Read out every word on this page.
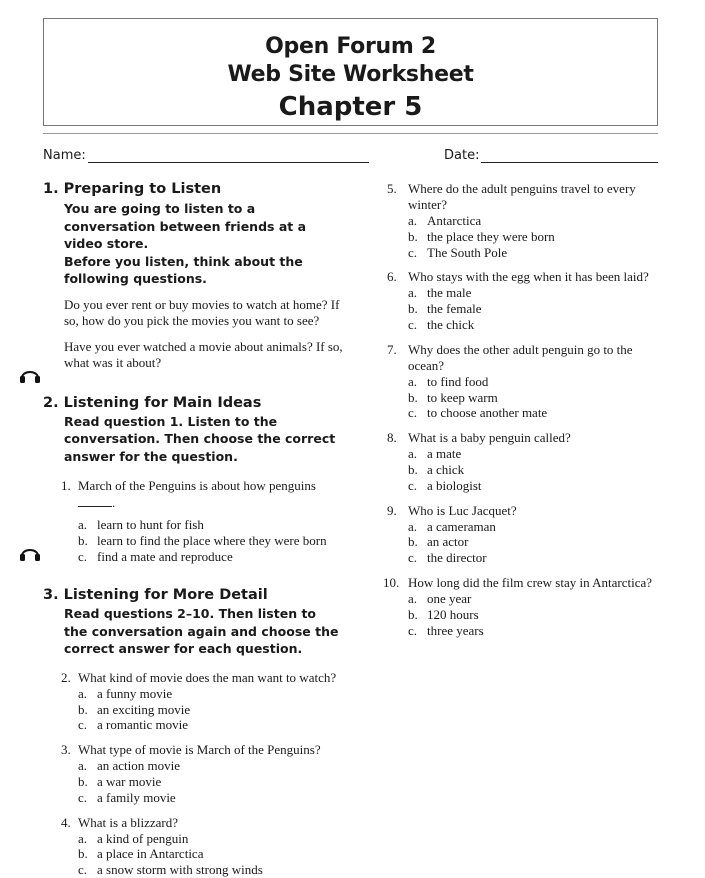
Open Forum 2
Web Site Worksheet
Chapter 5
Name:	Date:
1. Preparing to Listen
You are going to listen to a conversation between friends at a video store.
Before you listen, think about the following questions.
Do you ever rent or buy movies to watch at home? If so, how do you pick the movies you want to see?
Have you ever watched a movie about animals? If so, what was it about?
2. Listening for Main Ideas
Read question 1. Listen to the conversation. Then choose the correct answer for the question.
1. March of the Penguins is about how penguins
.
a. learn to hunt for fish
b. learn to find the place where they were born
c. find a mate and reproduce
3. Listening for More Detail
Read questions 2–10. Then listen to the conversation again and choose the correct answer for each question.
2. What kind of movie does the man want to watch?
a. a funny movie
b. an exciting movie
c. a romantic movie
3. What type of movie is March of the Penguins?
a. an action movie
b. a war movie
c. a family movie
4. What is a blizzard?
a. a kind of penguin
b. a place in Antarctica
c. a snow storm with strong winds
5. Where do the adult penguins travel to every winter?
a. Antarctica
b. the place they were born
c. The South Pole
6. Who stays with the egg when it has been laid?
a. the male
b. the female
c. the chick
7. Why does the other adult penguin go to the ocean?
a. to find food
b. to keep warm
c. to choose another mate
8. What is a baby penguin called?
a. a mate
b. a chick
c. a biologist
9. Who is Luc Jacquet?
a. a cameraman
b. an actor
c. the director
10. How long did the film crew stay in Antarctica?
a. one year
b. 120 hours
c. three years
